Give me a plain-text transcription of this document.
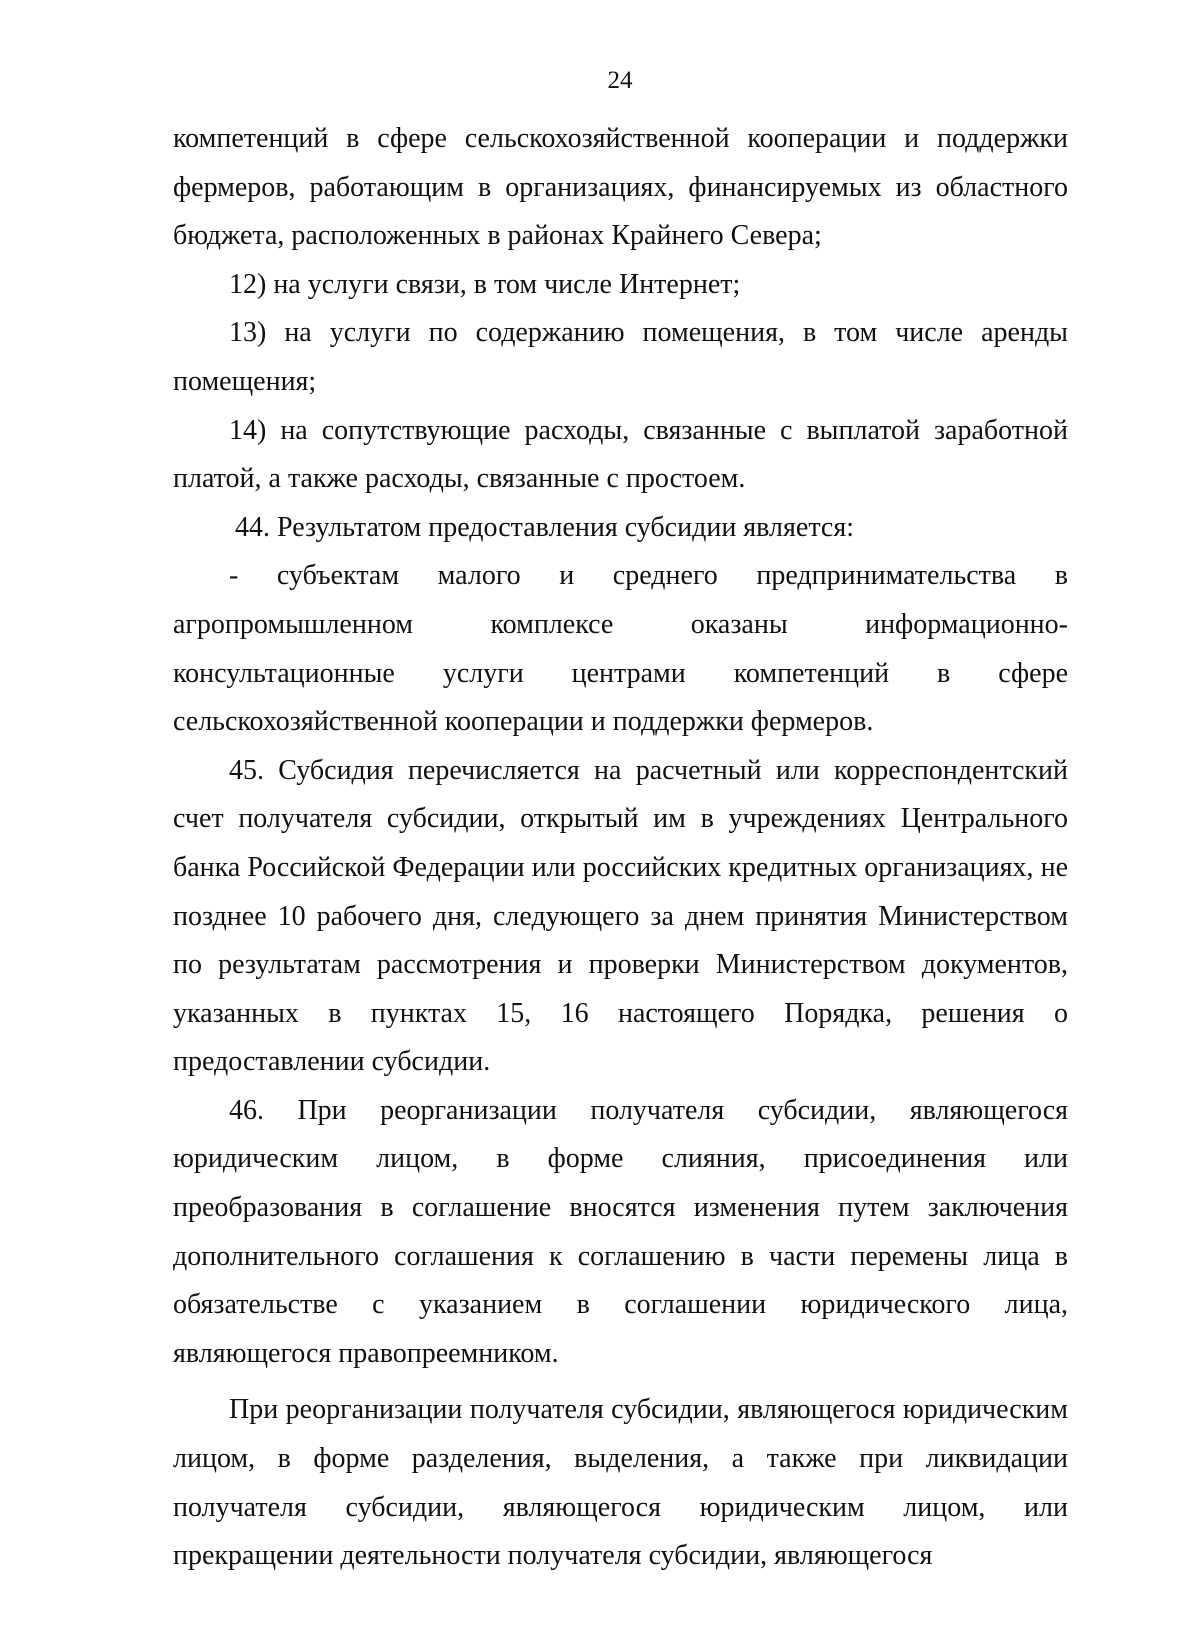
24

компетенций в сфере сельскохозяйственной кооперации и поддержки фермеров, работающим в организациях, финансируемых из областного бюджета, расположенных в районах Крайнего Севера;

12) на услуги связи, в том числе Интернет;

13) на услуги по содержанию помещения, в том числе аренды помещения;

14) на сопутствующие расходы, связанные с выплатой заработной платой, а также расходы, связанные с простоем.

44. Результатом предоставления субсидии является:

- субъектам малого и среднего предпринимательства в агропромышленном комплексе оказаны информационно-консультационные услуги центрами компетенций в сфере сельскохозяйственной кооперации и поддержки фермеров.

45. Субсидия перечисляется на расчетный или корреспондентский счет получателя субсидии, открытый им в учреждениях Центрального банка Российской Федерации или российских кредитных организациях, не позднее 10 рабочего дня, следующего за днем принятия Министерством по результатам рассмотрения и проверки Министерством документов, указанных в пунктах 15, 16 настоящего Порядка, решения о предоставлении субсидии.

46. При реорганизации получателя субсидии, являющегося юридическим лицом, в форме слияния, присоединения или преобразования в соглашение вносятся изменения путем заключения дополнительного соглашения к соглашению в части перемены лица в обязательстве с указанием в соглашении юридического лица, являющегося правопреемником.

При реорганизации получателя субсидии, являющегося юридическим лицом, в форме разделения, выделения, а также при ликвидации получателя субсидии, являющегося юридическим лицом, или прекращении деятельности получателя субсидии, являющегося
